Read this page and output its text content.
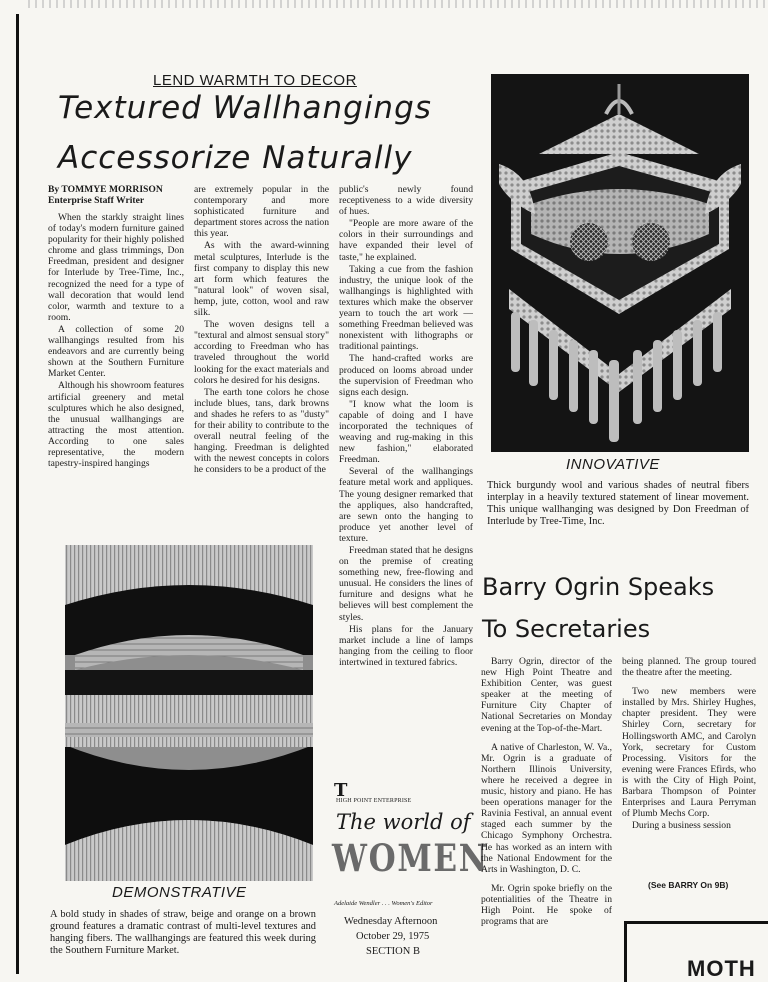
LEND WARMTH TO DECOR
Textured Wallhangings
Accessorize Naturally
By TOMMYE MORRISON
Enterprise Staff Writer

When the starkly straight lines of today's modern furniture gained popularity for their highly polished chrome and glass trimmings, Don Freedman, president and designer for Interlude by Tree-Time, Inc., recognized the need for a type of wall decoration that would lend color, warmth and texture to a room.

A collection of some 20 wallhangings resulted from his endeavors and are currently being shown at the Southern Furniture Market Center.

Although his showroom features artificial greenery and metal sculptures which he also designed, the unusual wallhangings are attracting the most attention. According to one sales representative, the modern tapestry-inspired hangings

are extremely popular in the contemporary and more sophisticated furniture and department stores across the nation this year.

As with the award-winning metal sculptures, Interlude is the first company to display this new art form which features the "natural look" of woven sisal, hemp, jute, cotton, wool and raw silk.

The woven designs tell a "textural and almost sensual story" according to Freedman who has traveled throughout the world looking for the exact materials and colors he desired for his designs.

The earth tone colors he chose include blues, tans, dark browns and shades he refers to as "dusty" for their ability to contribute to the overall neutral feeling of the hanging. Freedman is delighted with the newest concepts in colors he considers to be a product of the

public's newly found receptiveness to a wide diversity of hues.

"People are more aware of the colors in their surroundings and have expanded their level of taste," he explained.

Taking a cue from the fashion industry, the unique look of the wallhangings is highlighted with textures which make the observer yearn to touch the art work — something Freedman believed was nonexistent with lithographs or traditional paintings.

The hand-crafted works are produced on looms abroad under the supervision of Freedman who signs each design.

"I know what the loom is capable of doing and I have incorporated the techniques of weaving and rug-making in this new fashion," elaborated Freedman.

Several of the wallhangings feature metal work and appliques. The young designer remarked that the appliques, also handcrafted, are sewn onto the hanging to produce yet another level of texture.

Freedman stated that he designs on the premise of creating something new, free-flowing and unusual. He considers the lines of furniture and designs what he believes will best complement the styles.

His plans for the January market include a line of lamps hanging from the ceiling to floor intertwined in textured fabrics.

INNOVATIVE
Thick burgundy wool and various shades of neutral fibers interplay in a heavily textured statement of linear movement. This unique wallhanging was designed by Don Freedman of Interlude by Tree-Time, Inc.
DEMONSTRATIVE
A bold study in shades of straw, beige and orange on a brown ground features a dramatic contrast of multi-level textures and hanging fibers. The wallhangings are featured this week during the Southern Furniture Market.
T
HIGH POINT ENTERPRISE
The world of
WOMEN
Adelaide Wendler . . . Women's Editor
Wednesday Afternoon
October 29, 1975
SECTION B
Barry Ogrin Speaks
To Secretaries

Barry Ogrin, director of the new High Point Theatre and Exhibition Center, was guest speaker at the meeting of Furniture City Chapter of National Secretaries on Monday evening at the Top-of-the-Mart.

A native of Charleston, W. Va., Mr. Ogrin is a graduate of Northern Illinois University, where he received a degree in music, history and piano. He has been operations manager for the Ravinia Festival, an annual event staged each summer by the Chicago Symphony Orchestra. He has worked as an intern with the National Endowment for the Arts in Washington, D. C.

Mr. Ogrin spoke briefly on the potentialities of the Theatre in High Point. He spoke of programs that are

being planned. The group toured the theatre after the meeting.

Two new members were installed by Mrs. Shirley Hughes, chapter president. They were Shirley Corn, secretary for Hollingsworth AMC, and Carolyn York, secretary for Custom Processing. Visitors for the evening were Frances Efirds, who is with the City of High Point, Barbara Thompson of Pointer Enterprises and Laura Perryman of Plumb Mechs Corp.

During a business session

(See BARRY On 9B)
MOTH
